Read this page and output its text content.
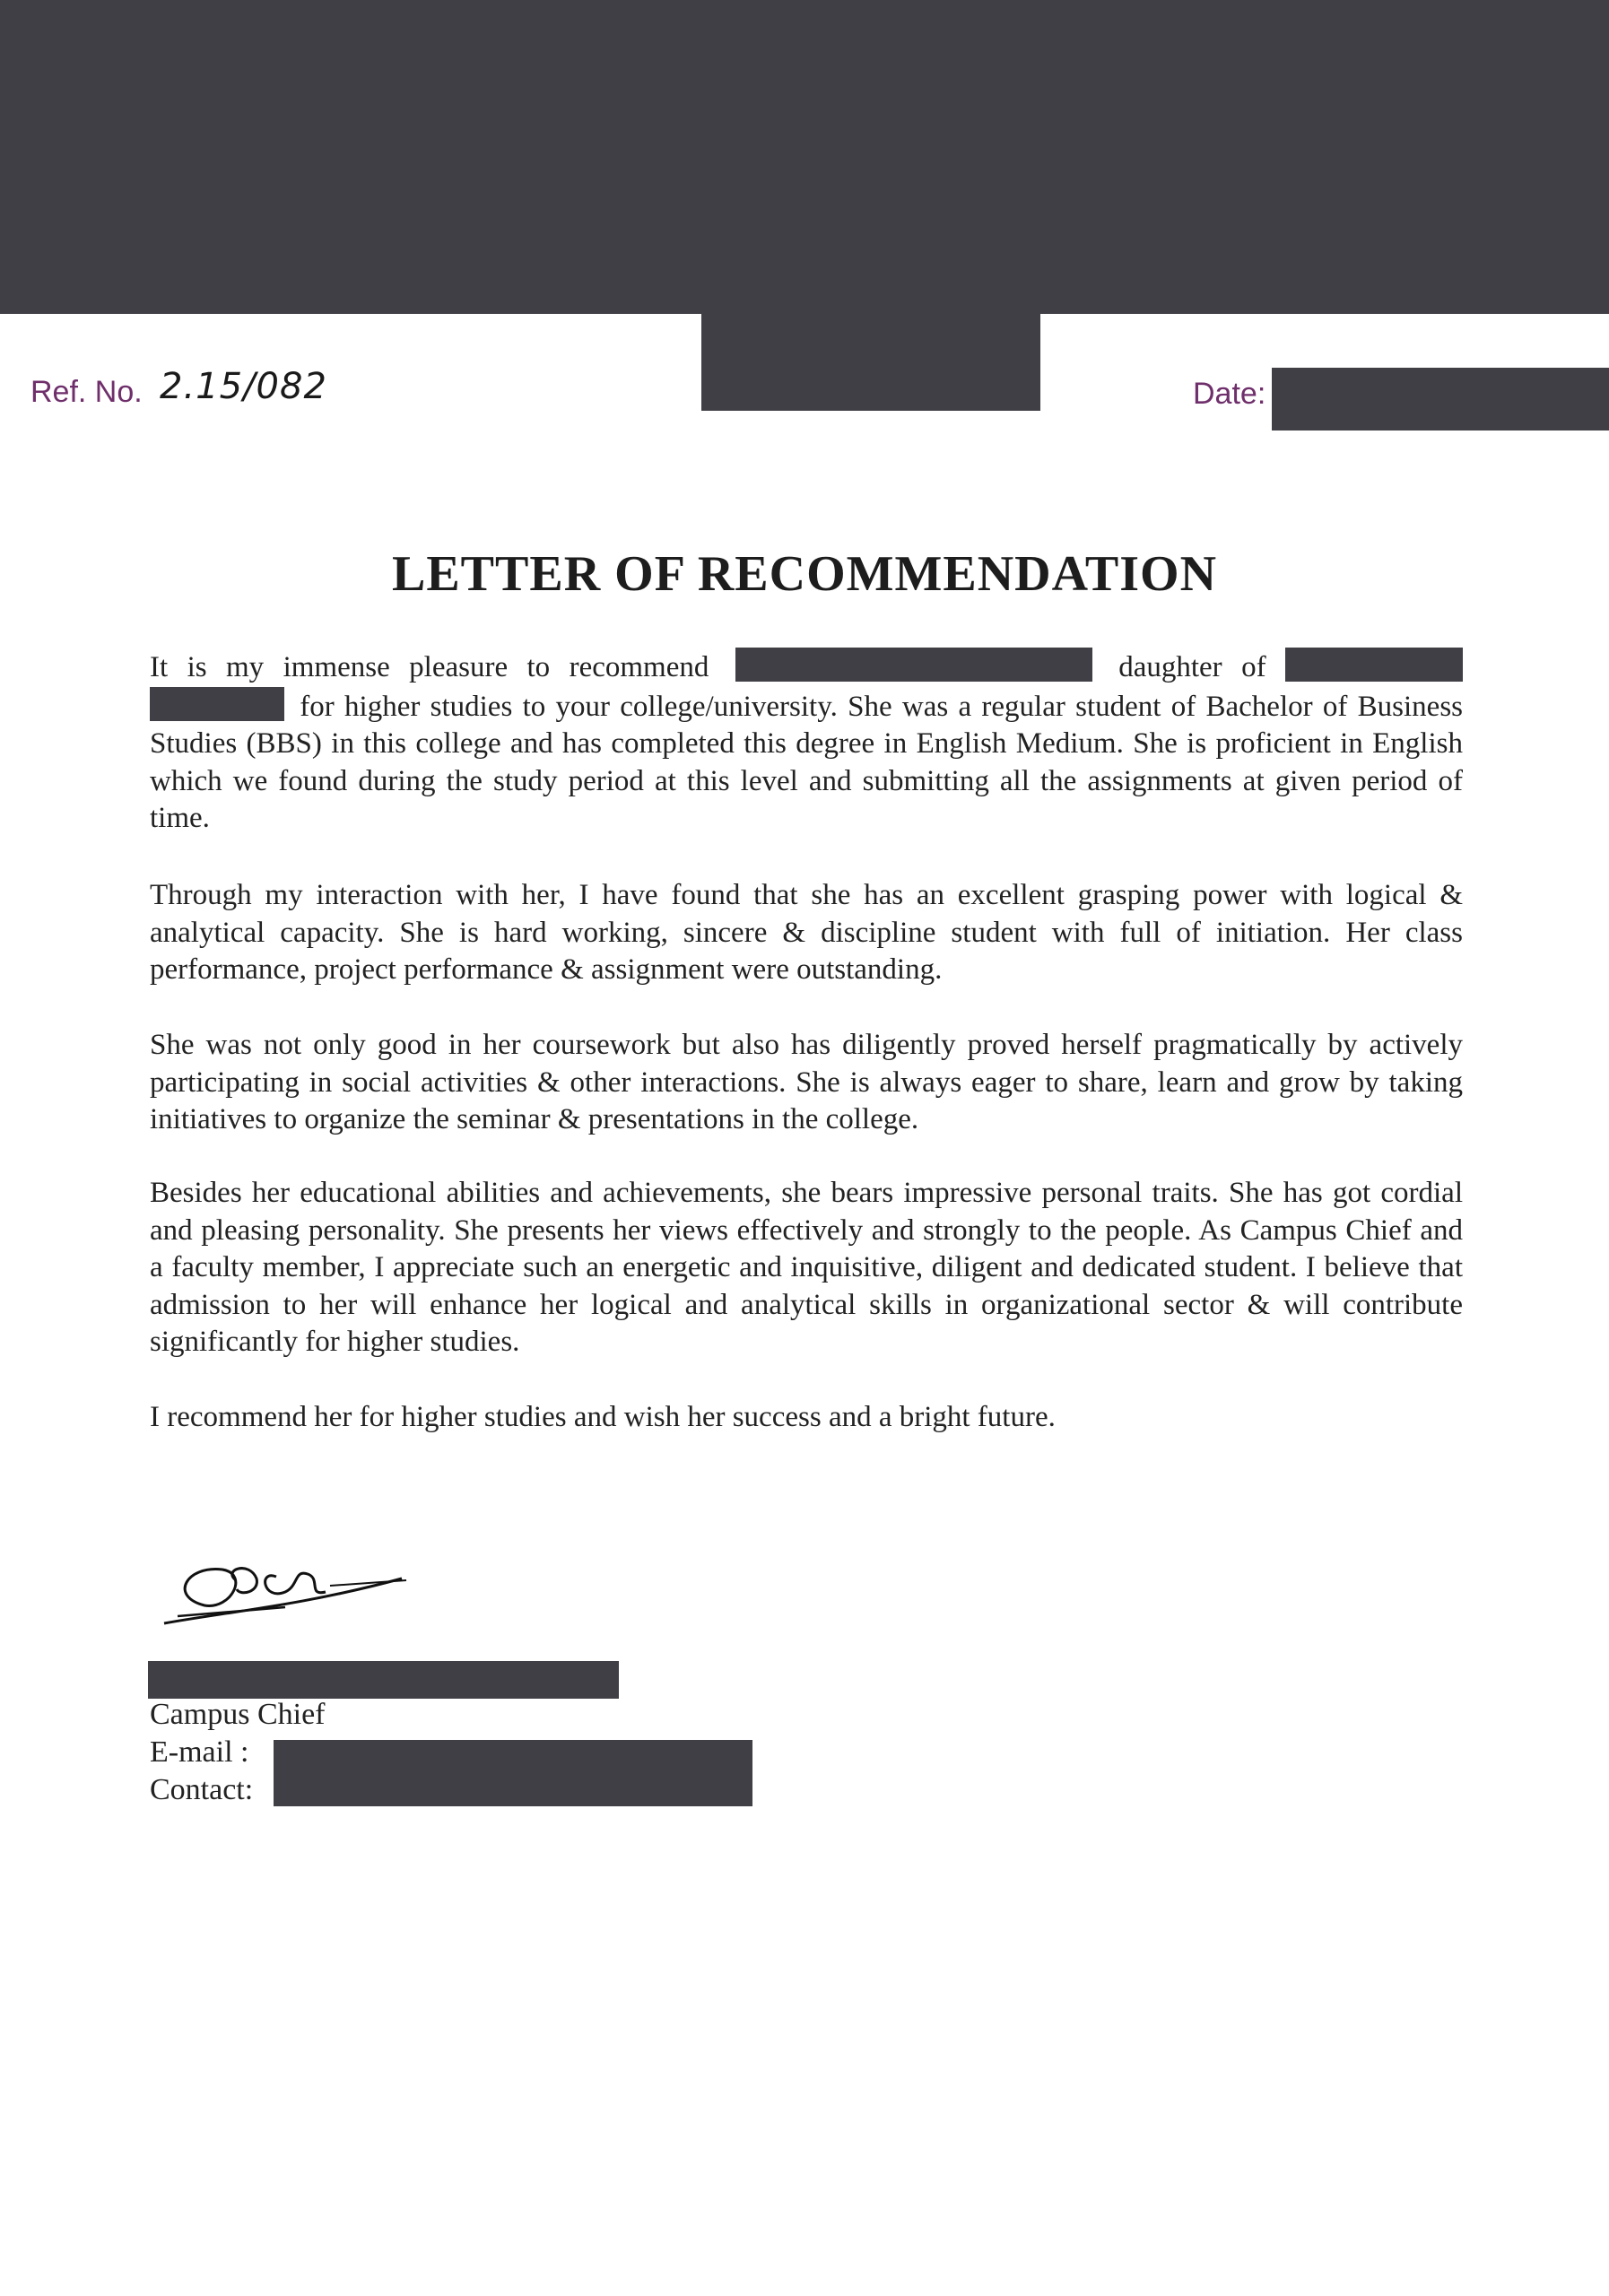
Ref. No. 2.15/082	Date:
LETTER OF RECOMMENDATION

It is my immense pleasure to recommend	daughter of   for higher studies to your college/university. She was a regular student of Bachelor of Business Studies (BBS) in this college and has completed this degree in English Medium. She is proficient in English which we found during the study period at this level and submitting all the assignments at given period of time.

Through my interaction with her, I have found that she has an excellent grasping power with logical & analytical capacity. She is hard working, sincere & discipline student with full of initiation. Her class performance, project performance & assignment were outstanding.

She was not only good in her coursework but also has diligently proved herself pragmatically by actively participating in social activities & other interactions. She is always eager to share, learn and grow by taking initiatives to organize the seminar & presentations in the college.

Besides her educational abilities and achievements, she bears impressive personal traits. She has got cordial and pleasing personality. She presents her views effectively and strongly to the people. As Campus Chief and a faculty member, I appreciate such an energetic and inquisitive, diligent and dedicated student. I believe that admission to her will enhance her logical and analytical skills in organizational sector & will contribute significantly for higher studies.

I recommend her for higher studies and wish her success and a bright future.

Campus Chief
E-mail :
Contact:
